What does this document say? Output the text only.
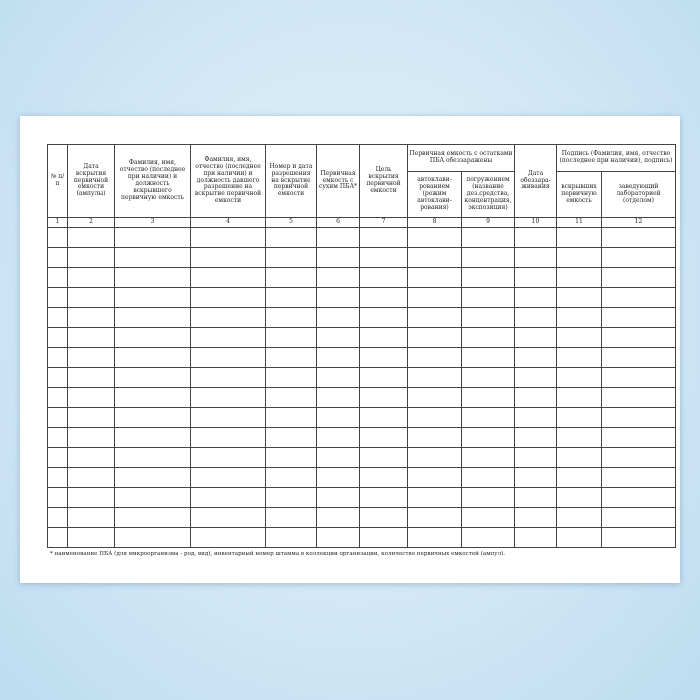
№ п/п	Дата вскрытия первичной емкости (ампулы)	Фамилия, имя, отчество (последнее при наличии) и должность вскрывшего первичную емкость	Фамилия, имя, отчество (последнее при наличии) и должность давшего разрешение на вскрытие первичной емкости	Номер и дата разрешения на вскрытие первичной емкости	Первичная емкость с сухим ПБА*	Цель вскрытия первичной емкости	Первичная емкость с остатками ПБА обеззаражены		Дата обеззараживания	Подпись (Фамилия, имя, отчество (последнее при наличии), подпись)	
							автоклавированием (режим автоклавирования)	погружением (название дез.средства, концентрация, экспозиция)		вскрывших первичную емкость	заведующий лабораторией (отделом)
1	2	3	4	5	6	7	8	9	10	11	12

* наименование ПБА (для микроорганизма - род, вид), инвентарный номер штамма в коллекции организации, количество первичных емкостей (ампул).
